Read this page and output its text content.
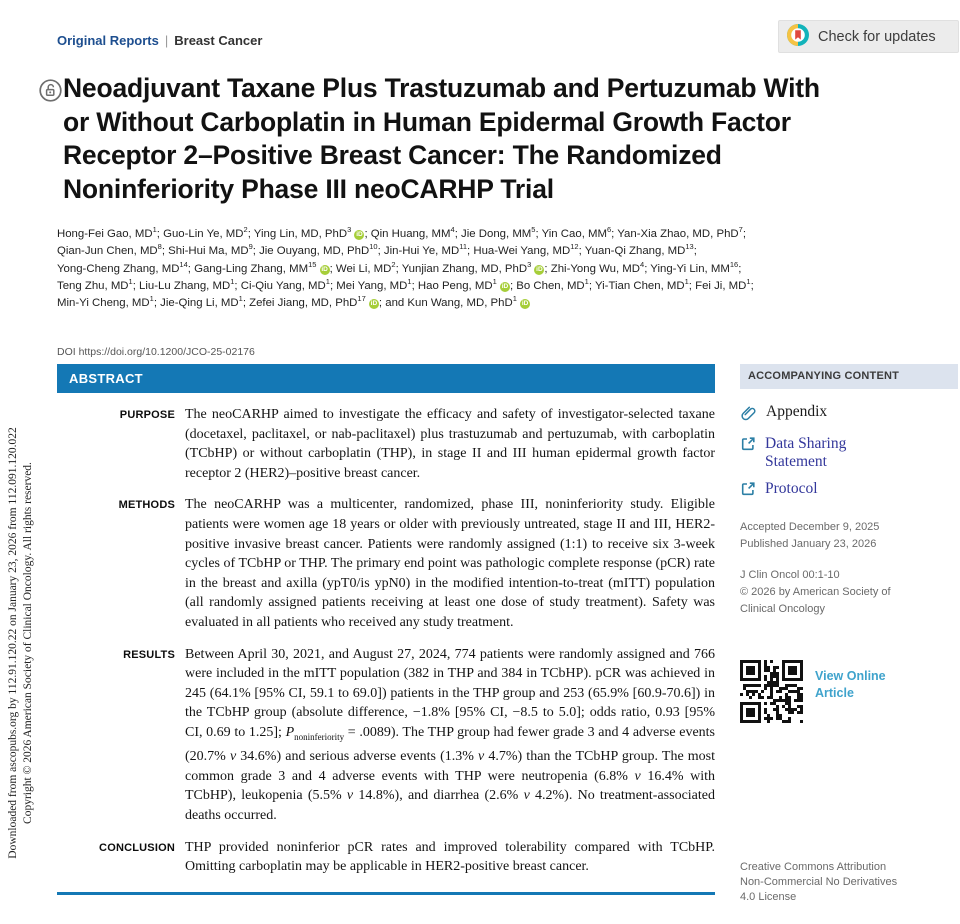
Downloaded from ascopubs.org by 112.91.120.22 on January 23, 2026 from 112.091.120.022 Copyright © 2026 American Society of Clinical Oncology. All rights reserved.
Original Reports | Breast Cancer	Check for updates
Neoadjuvant Taxane Plus Trastuzumab and Pertuzumab With
or Without Carboplatin in Human Epidermal Growth Factor
Receptor 2–Positive Breast Cancer: The Randomized
Noninferiority Phase III neoCARHP Trial
Hong-Fei Gao, $MD^1$; Guo-Lin Ye, $MD^2$; Ying Lin, MD, PhD$^3$ iD ; Qin Huang, $MM^4$; Jie Dong, $MM^5$; Yin Cao, $MM^6$; Yan-Xia Zhao, MD, PhD$^7$;
Qian-Jun Chen, $MD^8$; Shi-Hui Ma, $MD^9$; Jie Ouyang, MD, PhD$^{10}$; Jin-Hui Ye, MD$^{11}$; Hua-Wei Yang, MD$^{12}$; Yuan-Qi Zhang, MD$^{13}$;
Yong-Cheng Zhang, MD$^{14}$; Gang-Ling Zhang, MM$^{15}$ iD ; Wei Li, $MD^2$; Yunjian Zhang, MD, PhD$^3$ iD ; Zhi-Yong Wu, $MD^4$; Ying-Yi Lin, MM$^{16}$;
Teng Zhu, $MD^1$; Liu-Lu Zhang, $MD^1$; Ci-Qiu Yang, $MD^1$; Mei Yang, $MD^1$; Hao Peng, $MD^1$ iD ; Bo Chen, $MD^1$; Yi-Tian Chen, $MD^1$; Fei Ji, $MD^1$;
Min-Yi Cheng, $MD^1$; Jie-Qing Li, $MD^1$; Zefei Jiang, MD, PhD$^{17}$ iD ; and Kun Wang, MD, PhD$^1$ iD
DOI https://doi.org/10.1200/JCO-25-02176
ABSTRACT
PURPOSE The neoCARHP aimed to investigate the efficacy and safety of investigator-selected taxane (docetaxel, paclitaxel, or nab-paclitaxel) plus trastuzumab and pertuzumab, with carboplatin (TCbHP) or without carboplatin (THP), in stage II and III human epidermal growth factor receptor 2 (HER2)–positive breast cancer.
METHODS The neoCARHP was a multicenter, randomized, phase III, noninferiority study. Eligible patients were women age 18 years or older with previously untreated, stage II and III, HER2-positive invasive breast cancer. Patients were randomly assigned (1:1) to receive six 3-week cycles of TCbHP or THP. The primary end point was pathologic complete response (pCR) rate in the breast and axilla (ypT0/is ypN0) in the modified intention-to-treat (mITT) population (all randomly assigned patients receiving at least one dose of study treatment). Safety was evaluated in all patients who received any study treatment.
RESULTS Between April 30, 2021, and August 27, 2024, 774 patients were randomly assigned and 766 were included in the mITT population (382 in THP and 384 in TCbHP). pCR was achieved in 245 (64.1% [95% CI, 59.1 to 69.0]) patients in the THP group and 253 (65.9% [60.9-70.6]) in the TCbHP group (absolute difference, −1.8% [95% CI, −8.5 to 5.0]; odds ratio, 0.93 [95% CI, 0.69 to 1.25]; $P_{noninferiority} = .0089$). The THP group had fewer grade 3 and 4 adverse events (20.7% v 34.6%) and serious adverse events (1.3% v 4.7%) than the TCbHP group. The most common grade 3 and 4 adverse events with THP were neutropenia (6.8% v 16.4% with TCbHP), leukopenia (5.5% v 14.8%), and diarrhea (2.6% v 4.2%). No treatment-associated deaths occurred.
CONCLUSION THP provided noninferior pCR rates and improved tolerability compared with TCbHP. Omitting carboplatin may be applicable in HER2-positive breast cancer.
ACCOMPANYING CONTENT
Appendix
Data Sharing Statement
Protocol
Accepted December 9, 2025
Published January 23, 2026
J Clin Oncol 00:1-10
© 2026 by American Society of
Clinical Oncology
View Online Article
Creative Commons Attribution Non-Commercial No Derivatives 4.0 License
